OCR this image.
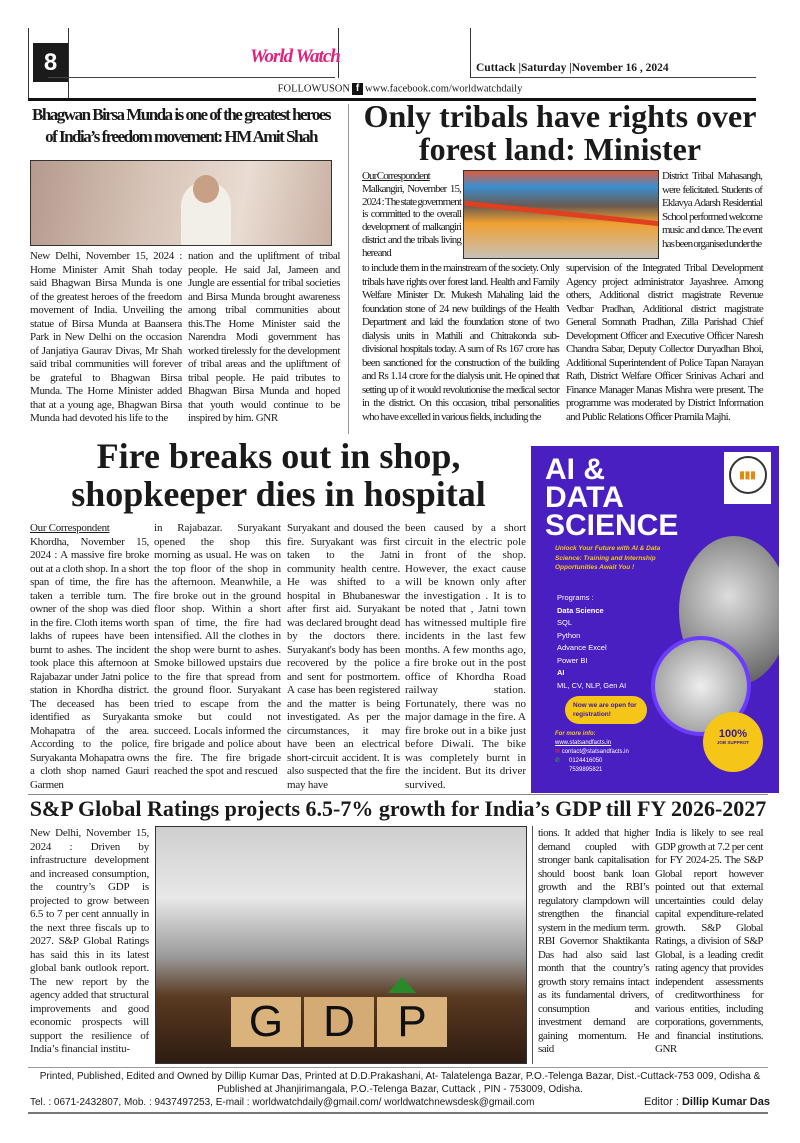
8	World Watch
Cuttack |Saturday |November 16 , 2024
FOLLOWUSON f www.facebook.com/worldwatchdaily
Bhagwan Birsa Munda is one of the greatest heroes of India’s freedom movement: HM Amit Shah
New Delhi, November 15, 2024 : Home Minister Amit Shah today said Bhagwan Birsa Munda is one of the greatest heroes of the freedom movement of India. Unveiling the statue of Birsa Munda at Baansera Park in New Delhi on the occasion of Janjatiya Gaurav Divas, Mr Shah said tribal communities will forever be grateful to Bhagwan Birsa Munda. The Home Minister added that at a young age, Bhagwan Birsa Munda had devoted his life to the
nation and the upliftment of tribal people. He said Jal, Jameen and Jungle are essential for tribal societies and Birsa Munda brought awareness among tribal communities about this.The Home Minister said the Narendra Modi government has worked tirelessly for the development of tribal areas and the upliftment of tribal people. He paid tributes to Bhagwan Birsa Munda and hoped that youth would continue to be inspired by him. GNR
Only tribals have rights over forest land: Minister
Our Correspondent
Malkangiri, November 15, 2024 : The state government is committed to the overall development of malkangiri district and the tribals living here and
District Tribal Mahasangh, were felicitated. Students of Eklavya Adarsh Residential School performed welcome music and dance. The event has been organised under the
to include them in the mainstream of the society. Only tribals have rights over forest land. Health and Family Welfare Minister Dr. Mukesh Mahaling laid the foundation stone of 24 new buildings of the Health Department and laid the foundation stone of two dialysis units in Mathili and Chitrakonda sub-divisional hospitals today. A sum of Rs 167 crore has been sanctioned for the construction of the building and Rs 1.14 crore for the dialysis unit. He opined that setting up of it would revolutionise the medical sector in the district. On this occasion, tribal personalities who have excelled in various fields, including the
supervision of the Integrated Tribal Development Agency project administrator Jayashree. Among others, Additional district magistrate Revenue Vedbar Pradhan, Additional district magistrate General Somnath Pradhan, Zilla Parishad Chief Development Officer and Executive Officer Naresh Chandra Sabar, Deputy Collector Duryadhan Bhoi, Additional Superintendent of Police Tapan Narayan Rath, District Welfare Officer Srinivas Achari and Finance Manager Manas Mishra were present. The programme was moderated by District Information and Public Relations Officer Pramila Majhi.
Fire breaks out in shop, shopkeeper dies in hospital
Our Correspondent
Khordha, November 15, 2024 : A massive fire broke out at a cloth shop. In a short span of time, the fire has taken a terrible turn. The owner of the shop was died in the fire. Cloth items worth lakhs of rupees have been burnt to ashes. The incident took place this afternoon at Rajabazar under Jatni police station in Khordha district. The deceased has been identified as Suryakanta Mohapatra of the area. According to the police, Suryakanta Mohapatra owns a cloth shop named Gauri Garmen
in Rajabazar. Suryakant opened the shop this morning as usual. He was on the top floor of the shop in the afternoon. Meanwhile, a fire broke out in the ground floor shop. Within a short span of time, the fire had intensified. All the clothes in the shop were burnt to ashes. Smoke billowed upstairs due to the fire that spread from the ground floor. Suryakant tried to escape from the smoke but could not succeed. Locals informed the fire brigade and police about the fire. The fire brigade reached the spot and rescued
Suryakant and doused the fire. Suryakant was first taken to the Jatni community health centre. He was shifted to a hospital in Bhubaneswar after first aid. Suryakant was declared brought dead by the doctors there. Suryakant's body has been recovered by the police and sent for postmortem. A case has been registered and the matter is being investigated. As per the circumstances, it may have been an electrical short-circuit accident. It is also suspected that the fire may have
been caused by a short circuit in the electric pole in front of the shop. However, the exact cause will be known only after the investigation . It is to be noted that , Jatni town has witnessed multiple fire incidents in the last few months. A few months ago, a fire broke out in the post office of Khordha Road railway station. Fortunately, there was no major damage in the fire. A fire broke out in a bike just before Diwali. The bike was completely burnt in the incident. But its driver survived.
AI &
DATA
SCIENCE
▮▮▮
Unlock Your Future with AI & Data Science: Training and Internship Opportunities Await You !
Programs :
Data Science
SQL
Python
Advance Excel
Power BI
AI
ML, CV, NLP, Gen AI
Now we are open for registration!
100%
JOB SUPPROT
For more info:
www.statsandfacts.in
✉ contact@statsandfacts.in
✆ 0124416050
7539895821
S&P Global Ratings projects 6.5-7% growth for India’s GDP till FY 2026-2027
New Delhi, November 15, 2024 : Driven by infrastructure development and increased consumption, the country’s GDP is projected to grow between 6.5 to 7 per cent annually in the next three fiscals up to 2027. S&P Global Ratings has said this in its latest global bank outlook report. The new report by the agency added that structural improvements and good economic prospects will support the resilience of India’s financial institu-
G D P
tions. It added that higher demand coupled with stronger bank capitalisation should boost bank loan growth and the RBI’s regulatory clampdown will strengthen the financial system in the medium term. RBI Governor Shaktikanta Das had also said last month that the country’s growth story remains intact as its fundamental drivers, consumption and investment demand are gaining momentum. He said
India is likely to see real GDP growth at 7.2 per cent for FY 2024-25. The S&P Global report however pointed out that external uncertainties could delay capital expenditure-related growth. S&P Global Ratings, a division of S&P Global, is a leading credit rating agency that provides independent assessments of creditworthiness for various entities, including corporations, governments, and financial institutions. GNR
Printed, Published, Edited and Owned by Dillip Kumar Das, Printed at D.D.Prakashani, At- Talatelenga Bazar, P.O.-Telenga Bazar, Dist.-Cuttack-753 009, Odisha &
Published at Jhanjirimangala, P.O.-Telenga Bazar, Cuttack , PIN - 753009, Odisha.
Tel. : 0671-2432807, Mob. : 9437497253, E-mail : worldwatchdaily@gmail.com/ worldwatchnewsdesk@gmail.com	Editor : Dillip Kumar Das
